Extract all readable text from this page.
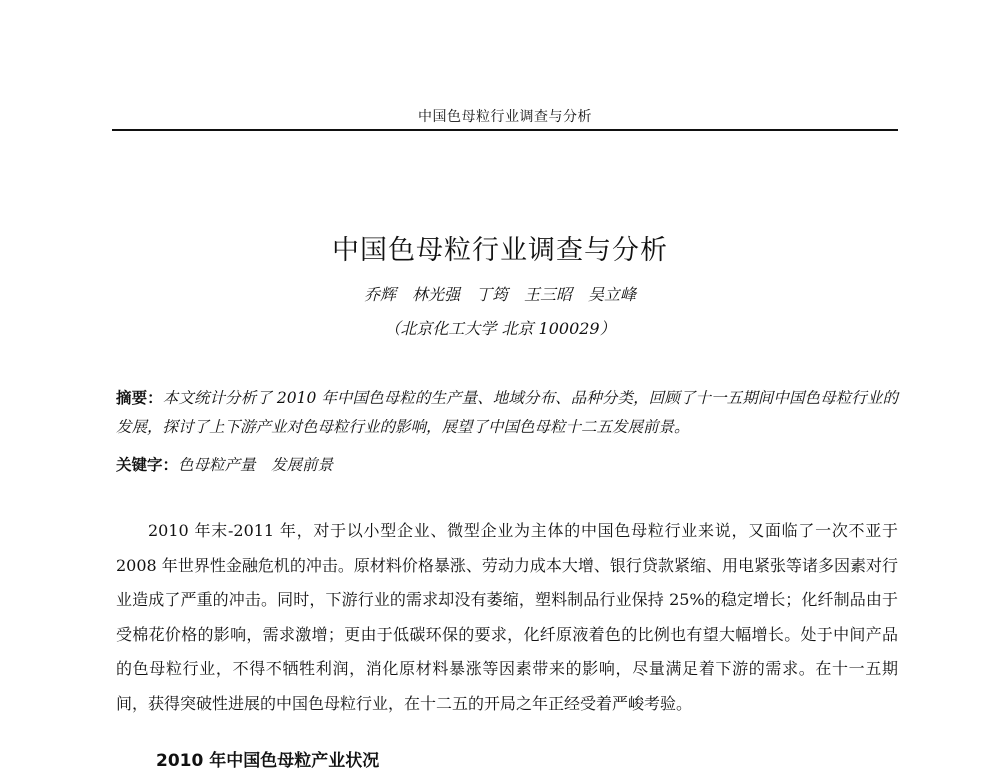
中国色母粒行业调查与分析
中国色母粒行业调查与分析
乔辉　林光强　丁筠　王三昭　吴立峰
（北京化工大学 北京 100029）
摘要：本文统计分析了 2010 年中国色母粒的生产量、地域分布、品种分类，回顾了十一五期间中国色母粒行业的发展，探讨了上下游产业对色母粒行业的影响，展望了中国色母粒十二五发展前景。
关键字：色母粒产量　发展前景

2010 年末-2011 年，对于以小型企业、微型企业为主体的中国色母粒行业来说，又面临了一次不亚于 2008 年世界性金融危机的冲击。原材料价格暴涨、劳动力成本大增、银行贷款紧缩、用电紧张等诸多因素对行业造成了严重的冲击。同时，下游行业的需求却没有萎缩，塑料制品行业保持 25%的稳定增长；化纤制品由于受棉花价格的影响，需求激增；更由于低碳环保的要求，化纤原液着色的比例也有望大幅增长。处于中间产品的色母粒行业，不得不牺牲利润，消化原材料暴涨等因素带来的影响，尽量满足着下游的需求。在十一五期间，获得突破性进展的中国色母粒行业，在十二五的开局之年正经受着严峻考验。

2010 年中国色母粒产业状况
